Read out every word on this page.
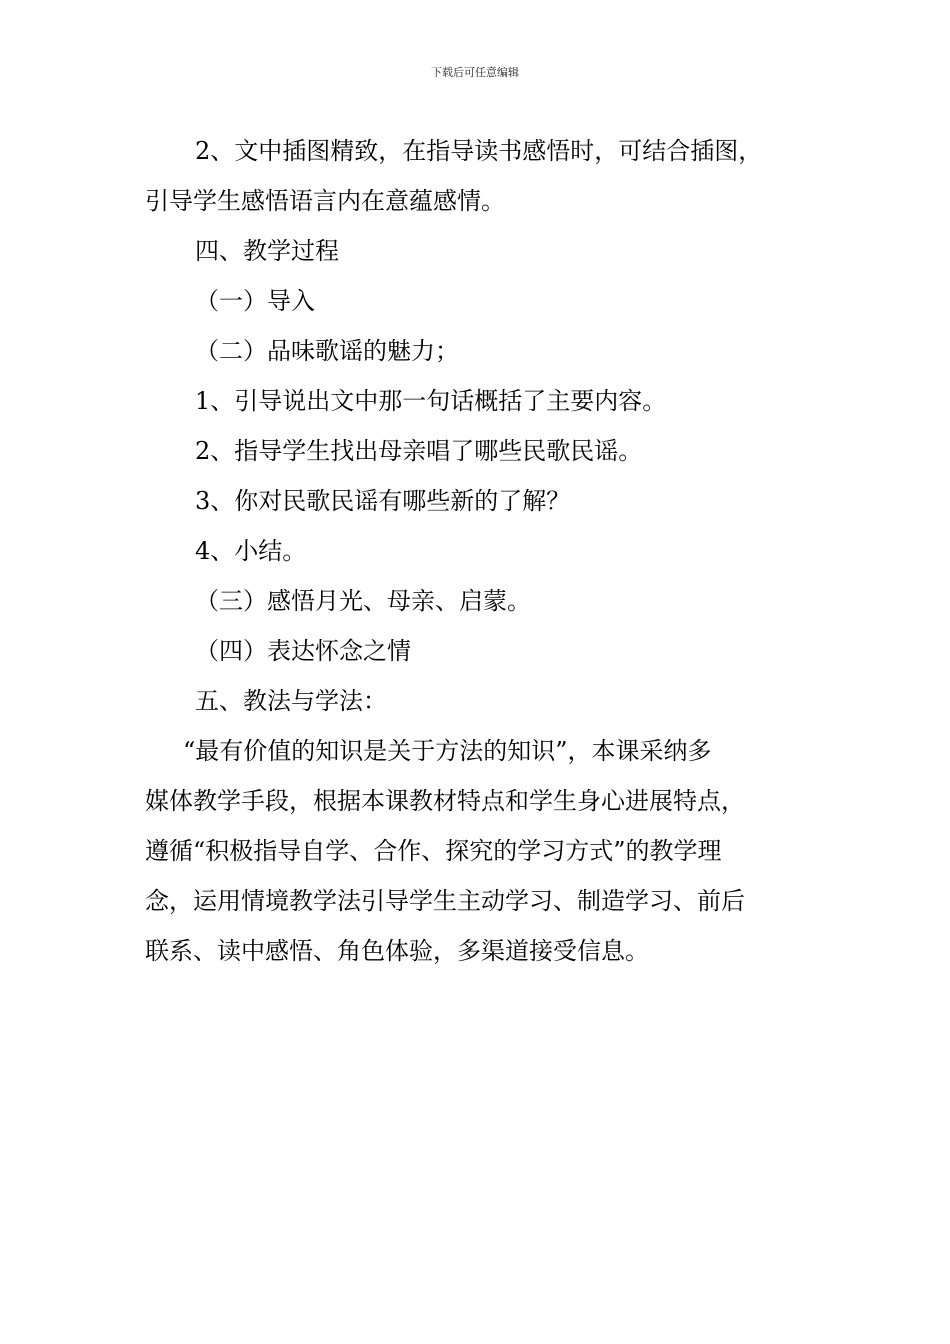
下载后可任意编辑
2、文中插图精致，在指导读书感悟时，可结合插图，
引导学生感悟语言内在意蕴感情。
四、教学过程
（一）导入
（二）品味歌谣的魅力；
1、引导说出文中那一句话概括了主要内容。
2、指导学生找出母亲唱了哪些民歌民谣。
3、你对民歌民谣有哪些新的了解？
4、小结。
（三）感悟月光、母亲、启蒙。
（四）表达怀念之情
五、教法与学法：
“最有价值的知识是关于方法的知识”，本课采纳多
媒体教学手段，根据本课教材特点和学生身心进展特点，
遵循“积极指导自学、合作、探究的学习方式”的教学理
念，运用情境教学法引导学生主动学习、制造学习、前后
联系、读中感悟、角色体验，多渠道接受信息。
